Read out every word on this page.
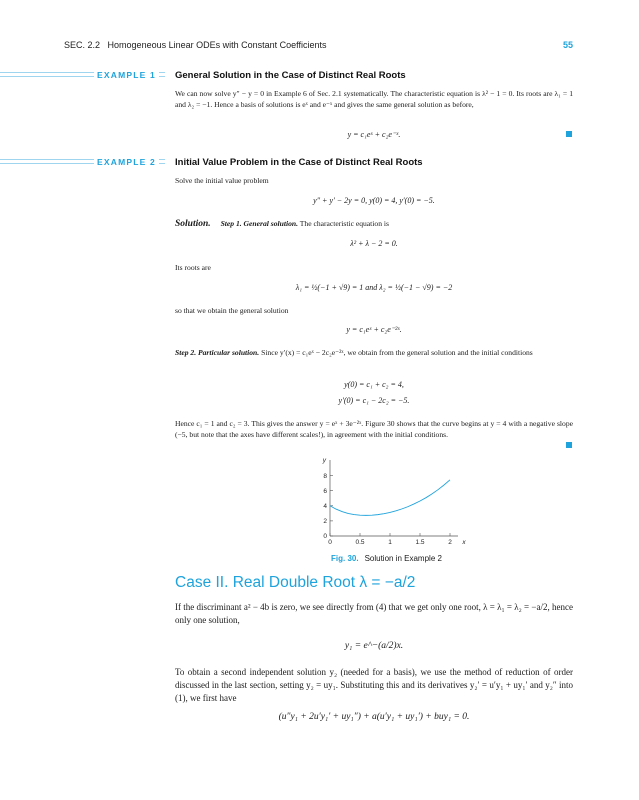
SEC. 2.2 Homogeneous Linear ODEs with Constant Coefficients	55
EXAMPLE 1	General Solution in the Case of Distinct Real Roots
We can now solve y″ − y = 0 in Example 6 of Sec. 2.1 systematically. The characteristic equation is λ² − 1 = 0. Its roots are λ₁ = 1 and λ₂ = −1. Hence a basis of solutions is eˣ and e⁻ˣ and gives the same general solution as before,
y = c₁eˣ + c₂e⁻ˣ.
EXAMPLE 2	Initial Value Problem in the Case of Distinct Real Roots
Solve the initial value problem
y″ + y′ − 2y = 0, y(0) = 4, y′(0) = −5.
Solution. Step 1. General solution. The characteristic equation is
λ² + λ − 2 = 0.
Its roots are
λ₁ = ½(−1 + √9) = 1 and λ₂ = ½(−1 − √9) = −2
so that we obtain the general solution
y = c₁eˣ + c₂e⁻²ˣ.
Step 2. Particular solution. Since y′(x) = c₁eˣ − 2c₂e⁻²ˣ, we obtain from the general solution and the initial conditions
y(0) = c₁ + c₂ = 4,
y′(0) = c₁ − 2c₂ = −5.
Hence c₁ = 1 and c₂ = 3. This gives the answer y = eˣ + 3e⁻²ˣ. Figure 30 shows that the curve begins at y = 4 with a negative slope (−5, but note that the axes have different scales!), in agreement with the initial conditions.
0	0.5	1	1.5	2
0
2
4
6
8
x
y
Fig. 30. Solution in Example 2
Case II. Real Double Root λ = −a/2
If the discriminant a² − 4b is zero, we see directly from (4) that we get only one root, λ = λ₁ = λ₂ = −a/2, hence only one solution,
y₁ = e^−(a/2)x.
To obtain a second independent solution y₂ (needed for a basis), we use the method of reduction of order discussed in the last section, setting y₂ = uy₁. Substituting this and its derivatives y₂′ = u′y₁ + uy₁′ and y₂″ into (1), we first have
(u″y₁ + 2u′y₁′ + uy₁″) + a(u′y₁ + uy₁′) + buy₁ = 0.
